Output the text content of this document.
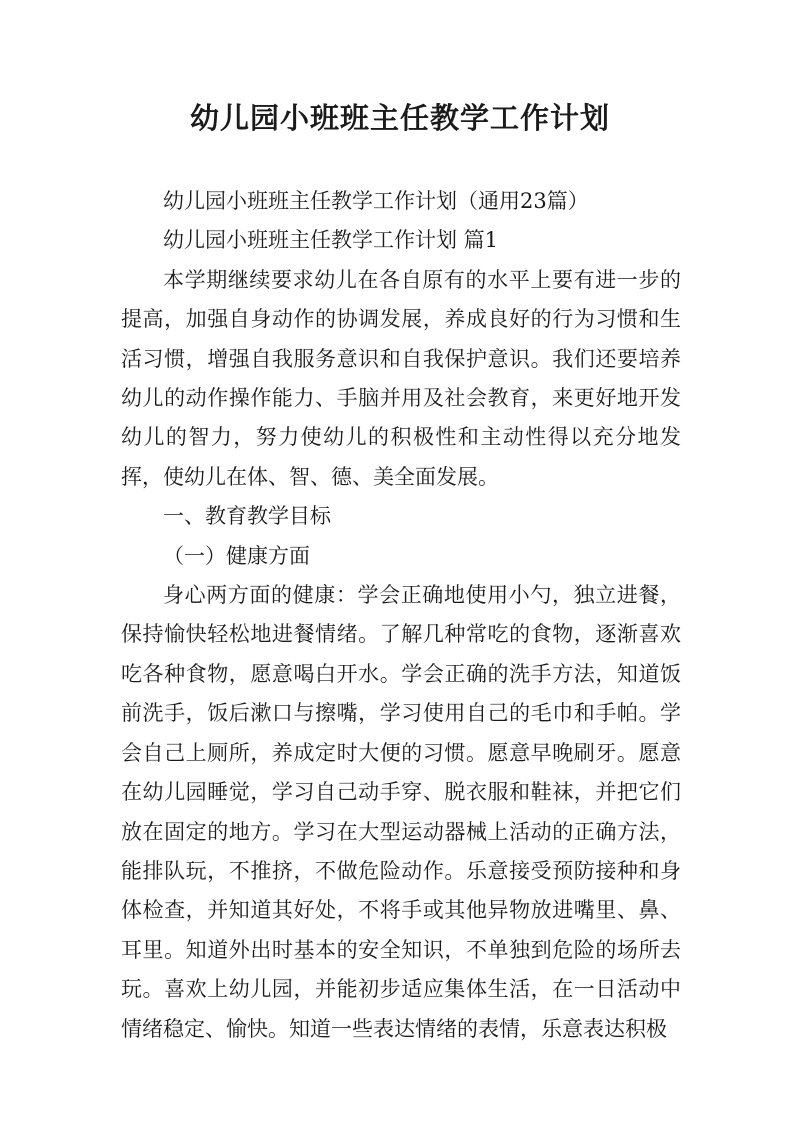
幼儿园小班班主任教学工作计划

幼儿园小班班主任教学工作计划（通用23篇）

幼儿园小班班主任教学工作计划 篇1

本学期继续要求幼儿在各自原有的水平上要有进一步的提高，加强自身动作的协调发展，养成良好的行为习惯和生活习惯，增强自我服务意识和自我保护意识。我们还要培养幼儿的动作操作能力、手脑并用及社会教育，来更好地开发幼儿的智力，努力使幼儿的积极性和主动性得以充分地发挥，使幼儿在体、智、德、美全面发展。

一、教育教学目标

（一）健康方面

身心两方面的健康：学会正确地使用小勺，独立进餐，保持愉快轻松地进餐情绪。了解几种常吃的食物，逐渐喜欢吃各种食物，愿意喝白开水。学会正确的洗手方法，知道饭前洗手，饭后漱口与擦嘴，学习使用自己的毛巾和手帕。学会自己上厕所，养成定时大便的习惯。愿意早晚刷牙。愿意在幼儿园睡觉，学习自己动手穿、脱衣服和鞋袜，并把它们放在固定的地方。学习在大型运动器械上活动的正确方法，能排队玩，不推挤，不做危险动作。乐意接受预防接种和身体检查，并知道其好处，不将手或其他异物放进嘴里、鼻、耳里。知道外出时基本的安全知识，不单独到危险的场所去玩。喜欢上幼儿园，并能初步适应集体生活，在一日活动中情绪稳定、愉快。知道一些表达情绪的表情，乐意表达积极
